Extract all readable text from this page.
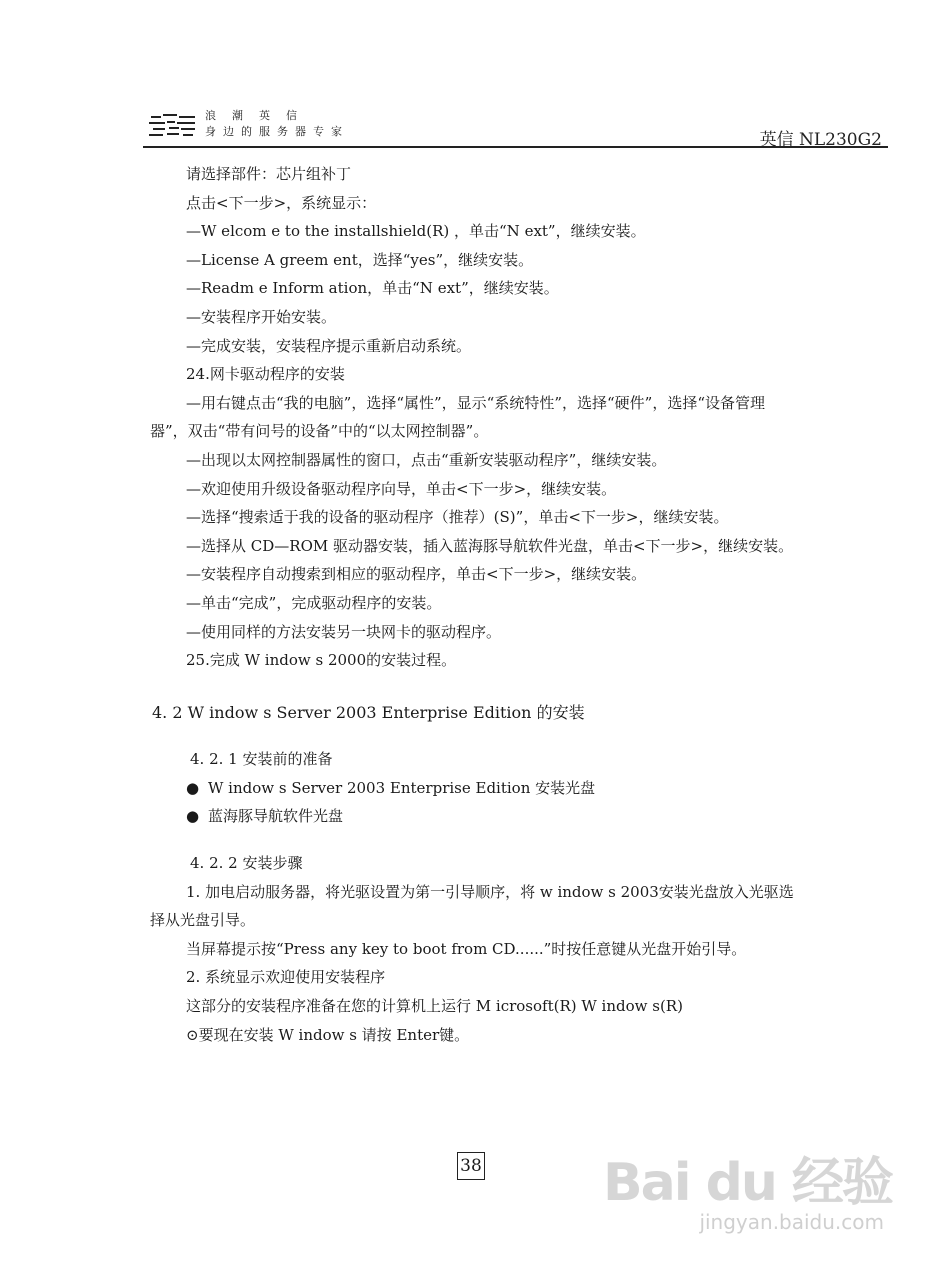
浪潮英信
身边的服务器专家	英信 NL230G2

请选择部件：芯片组补丁

点击<下一步>，系统显示：

—W elcom e to the installshield(R) ，单击“N ext”，继续安装。

—License A greem ent，选择“yes”，继续安装。

—Readm e Inform ation，单击“N ext”，继续安装。

—安装程序开始安装。

—完成安装，安装程序提示重新启动系统。

24.网卡驱动程序的安装

—用右键点击“我的电脑”，选择“属性”，显示“系统特性”，选择“硬件”，选择“设备管理器”，双击“带有问号的设备”中的“以太网控制器”。

—出现以太网控制器属性的窗口，点击“重新安装驱动程序”，继续安装。

—欢迎使用升级设备驱动程序向导，单击<下一步>，继续安装。

—选择“搜索适于我的设备的驱动程序（推荐）(S)”，单击<下一步>，继续安装。

—选择从 CD—ROM 驱动器安装，插入蓝海豚导航软件光盘，单击<下一步>，继续安装。

—安装程序自动搜索到相应的驱动程序，单击<下一步>，继续安装。

—单击“完成”，完成驱动程序的安装。

—使用同样的方法安装另一块网卡的驱动程序。

25.完成 W indow s 2000的安装过程。

4. 2 W indow s Server 2003 Enterprise Edition 的安装

4. 2. 1 安装前的准备

● W indow s Server 2003 Enterprise Edition 安装光盘

● 蓝海豚导航软件光盘

4. 2. 2 安装步骤

1. 加电启动服务器，将光驱设置为第一引导顺序，将 w indow s 2003安装光盘放入光驱选择从光盘引导。

当屏幕提示按“Press any key to boot from CD......”时按任意键从光盘开始引导。

2. 系统显示欢迎使用安装程序

这部分的安装程序准备在您的计算机上运行 M icrosoft(R) W indow s(R)

⊙要现在安装 W indow s 请按 Enter键。

38 Bai du 经验
jingyan.baidu.com
